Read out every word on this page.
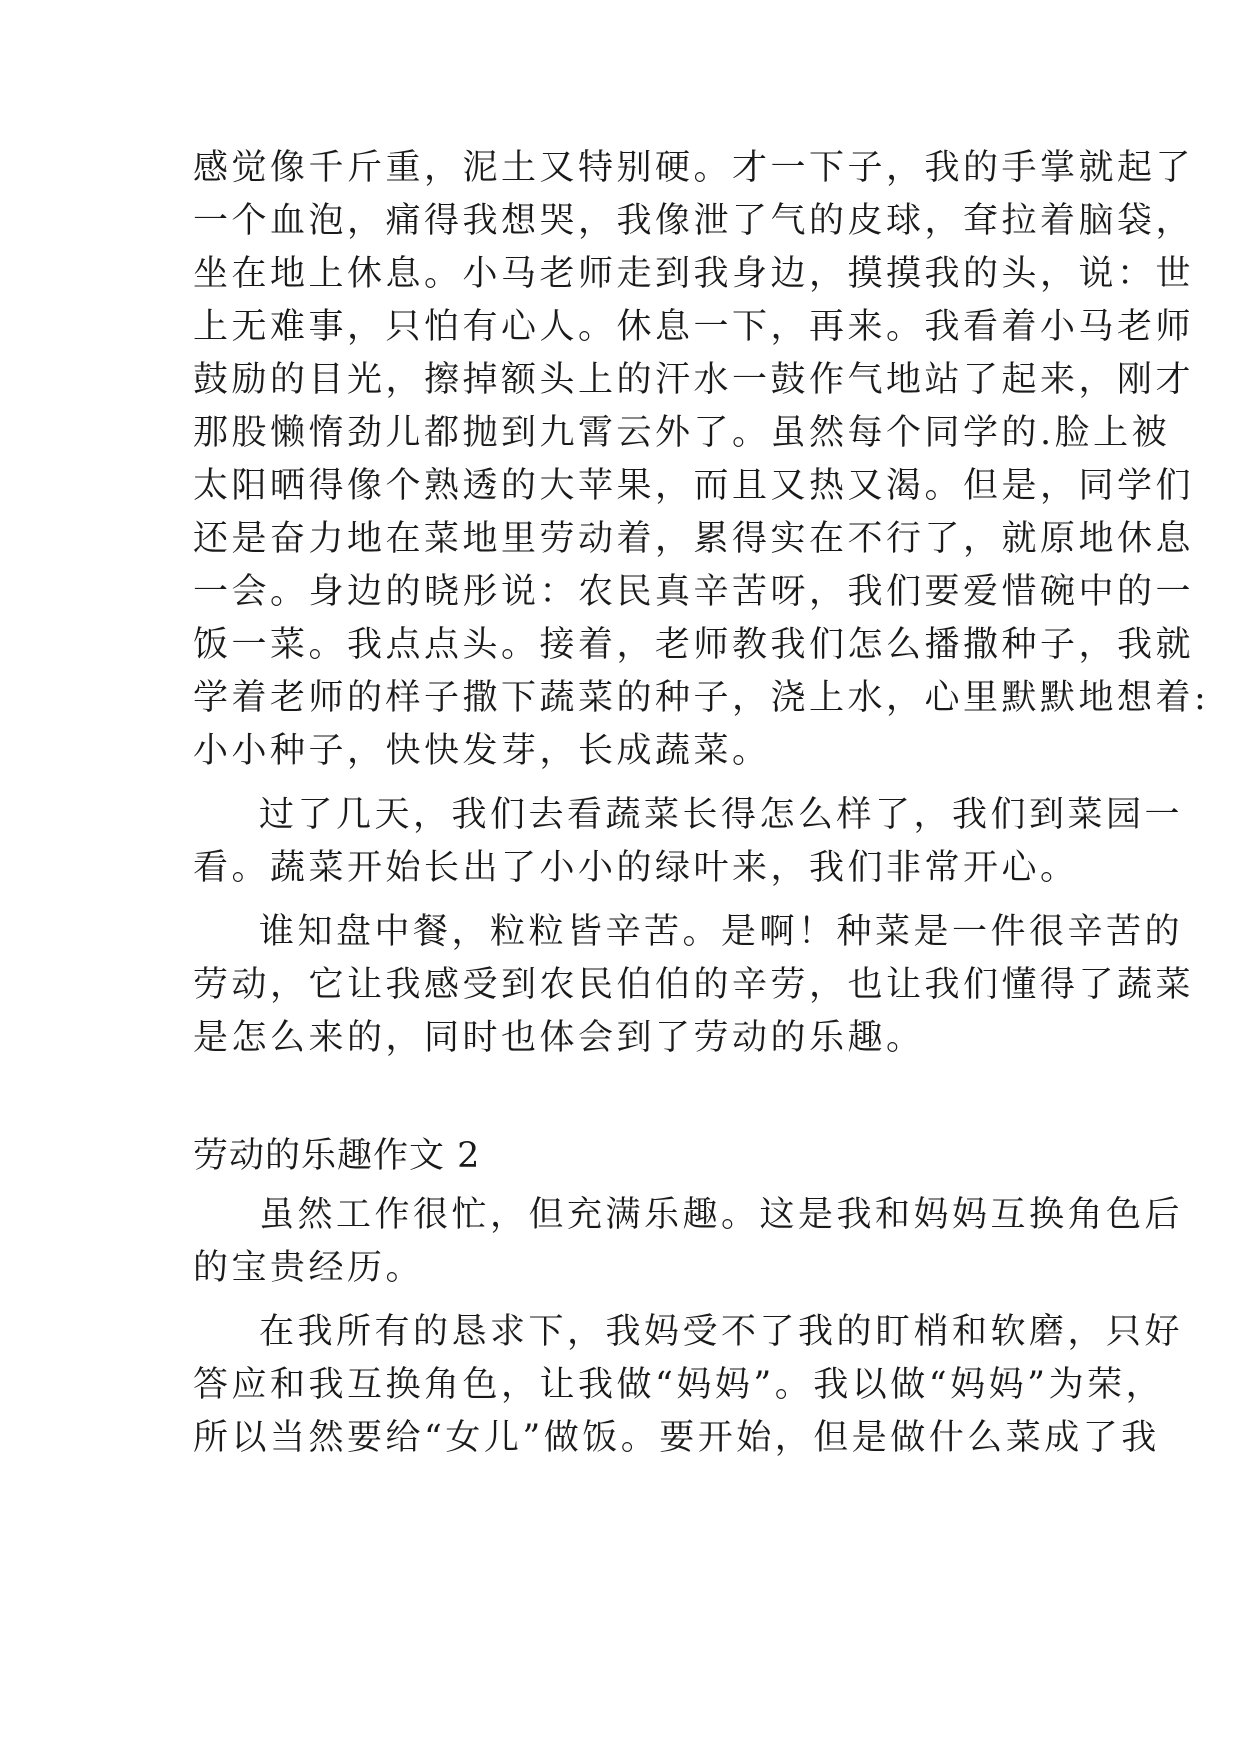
感觉像千斤重，泥土又特别硬。才一下子，我的手掌就起了
一个血泡，痛得我想哭，我像泄了气的皮球，耷拉着脑袋，
坐在地上休息。小马老师走到我身边，摸摸我的头，说：世
上无难事，只怕有心人。休息一下，再来。我看着小马老师
鼓励的目光，擦掉额头上的汗水一鼓作气地站了起来，刚才
那股懒惰劲儿都抛到九霄云外了。虽然每个同学的.脸上被
太阳晒得像个熟透的大苹果，而且又热又渴。但是，同学们
还是奋力地在菜地里劳动着，累得实在不行了，就原地休息
一会。身边的晓彤说：农民真辛苦呀，我们要爱惜碗中的一
饭一菜。我点点头。接着，老师教我们怎么播撒种子，我就
学着老师的样子撒下蔬菜的种子，浇上水，心里默默地想着:
小小种子，快快发芽，长成蔬菜。
过了几天，我们去看蔬菜长得怎么样了，我们到菜园一
看。蔬菜开始长出了小小的绿叶来，我们非常开心。
谁知盘中餐，粒粒皆辛苦。是啊！种菜是一件很辛苦的
劳动，它让我感受到农民伯伯的辛劳，也让我们懂得了蔬菜
是怎么来的，同时也体会到了劳动的乐趣。
劳动的乐趣作文 2
虽然工作很忙，但充满乐趣。这是我和妈妈互换角色后
的宝贵经历。
在我所有的恳求下，我妈受不了我的盯梢和软磨，只好
答应和我互换角色，让我做“妈妈”。我以做“妈妈”为荣，
所以当然要给“女儿”做饭。要开始，但是做什么菜成了我
